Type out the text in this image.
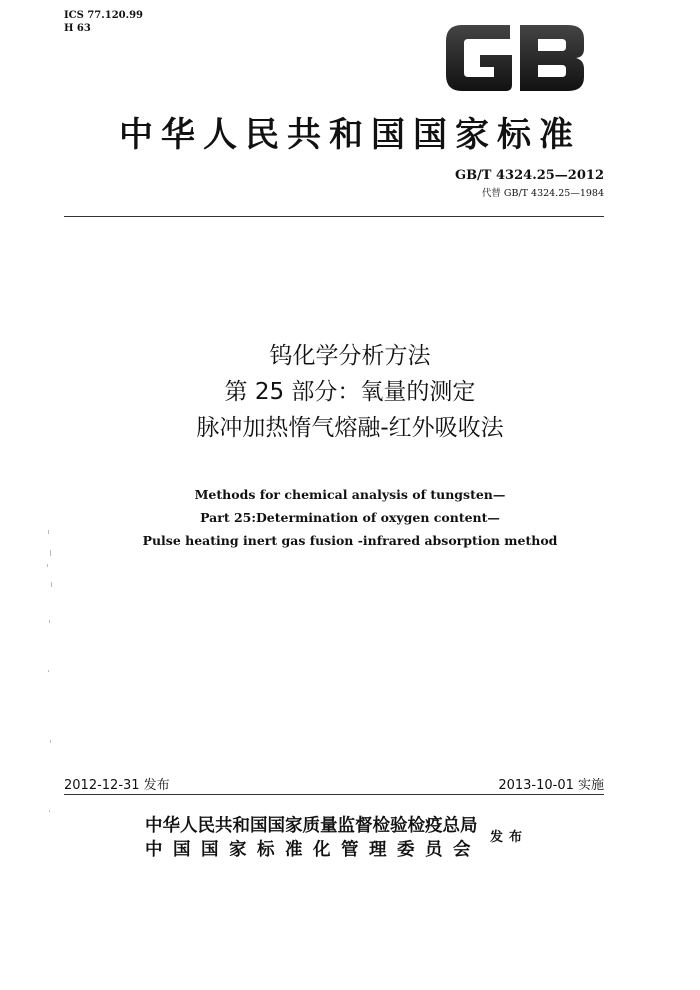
ICS 77.120.99
H 63
中华人民共和国国家标准
GB/T 4324.25—2012
代替 GB/T 4324.25—1984
钨化学分析方法
第 25 部分：氧量的测定
脉冲加热惰气熔融-红外吸收法
Methods for chemical analysis of tungsten—
Part 25:Determination of oxygen content—
Pulse heating inert gas fusion -infrared absorption method
2012-12-31 发布	2013-10-01 实施
中华人民共和国国家质量监督检验检疫总局
中国国家标准化管理委员会
发布
